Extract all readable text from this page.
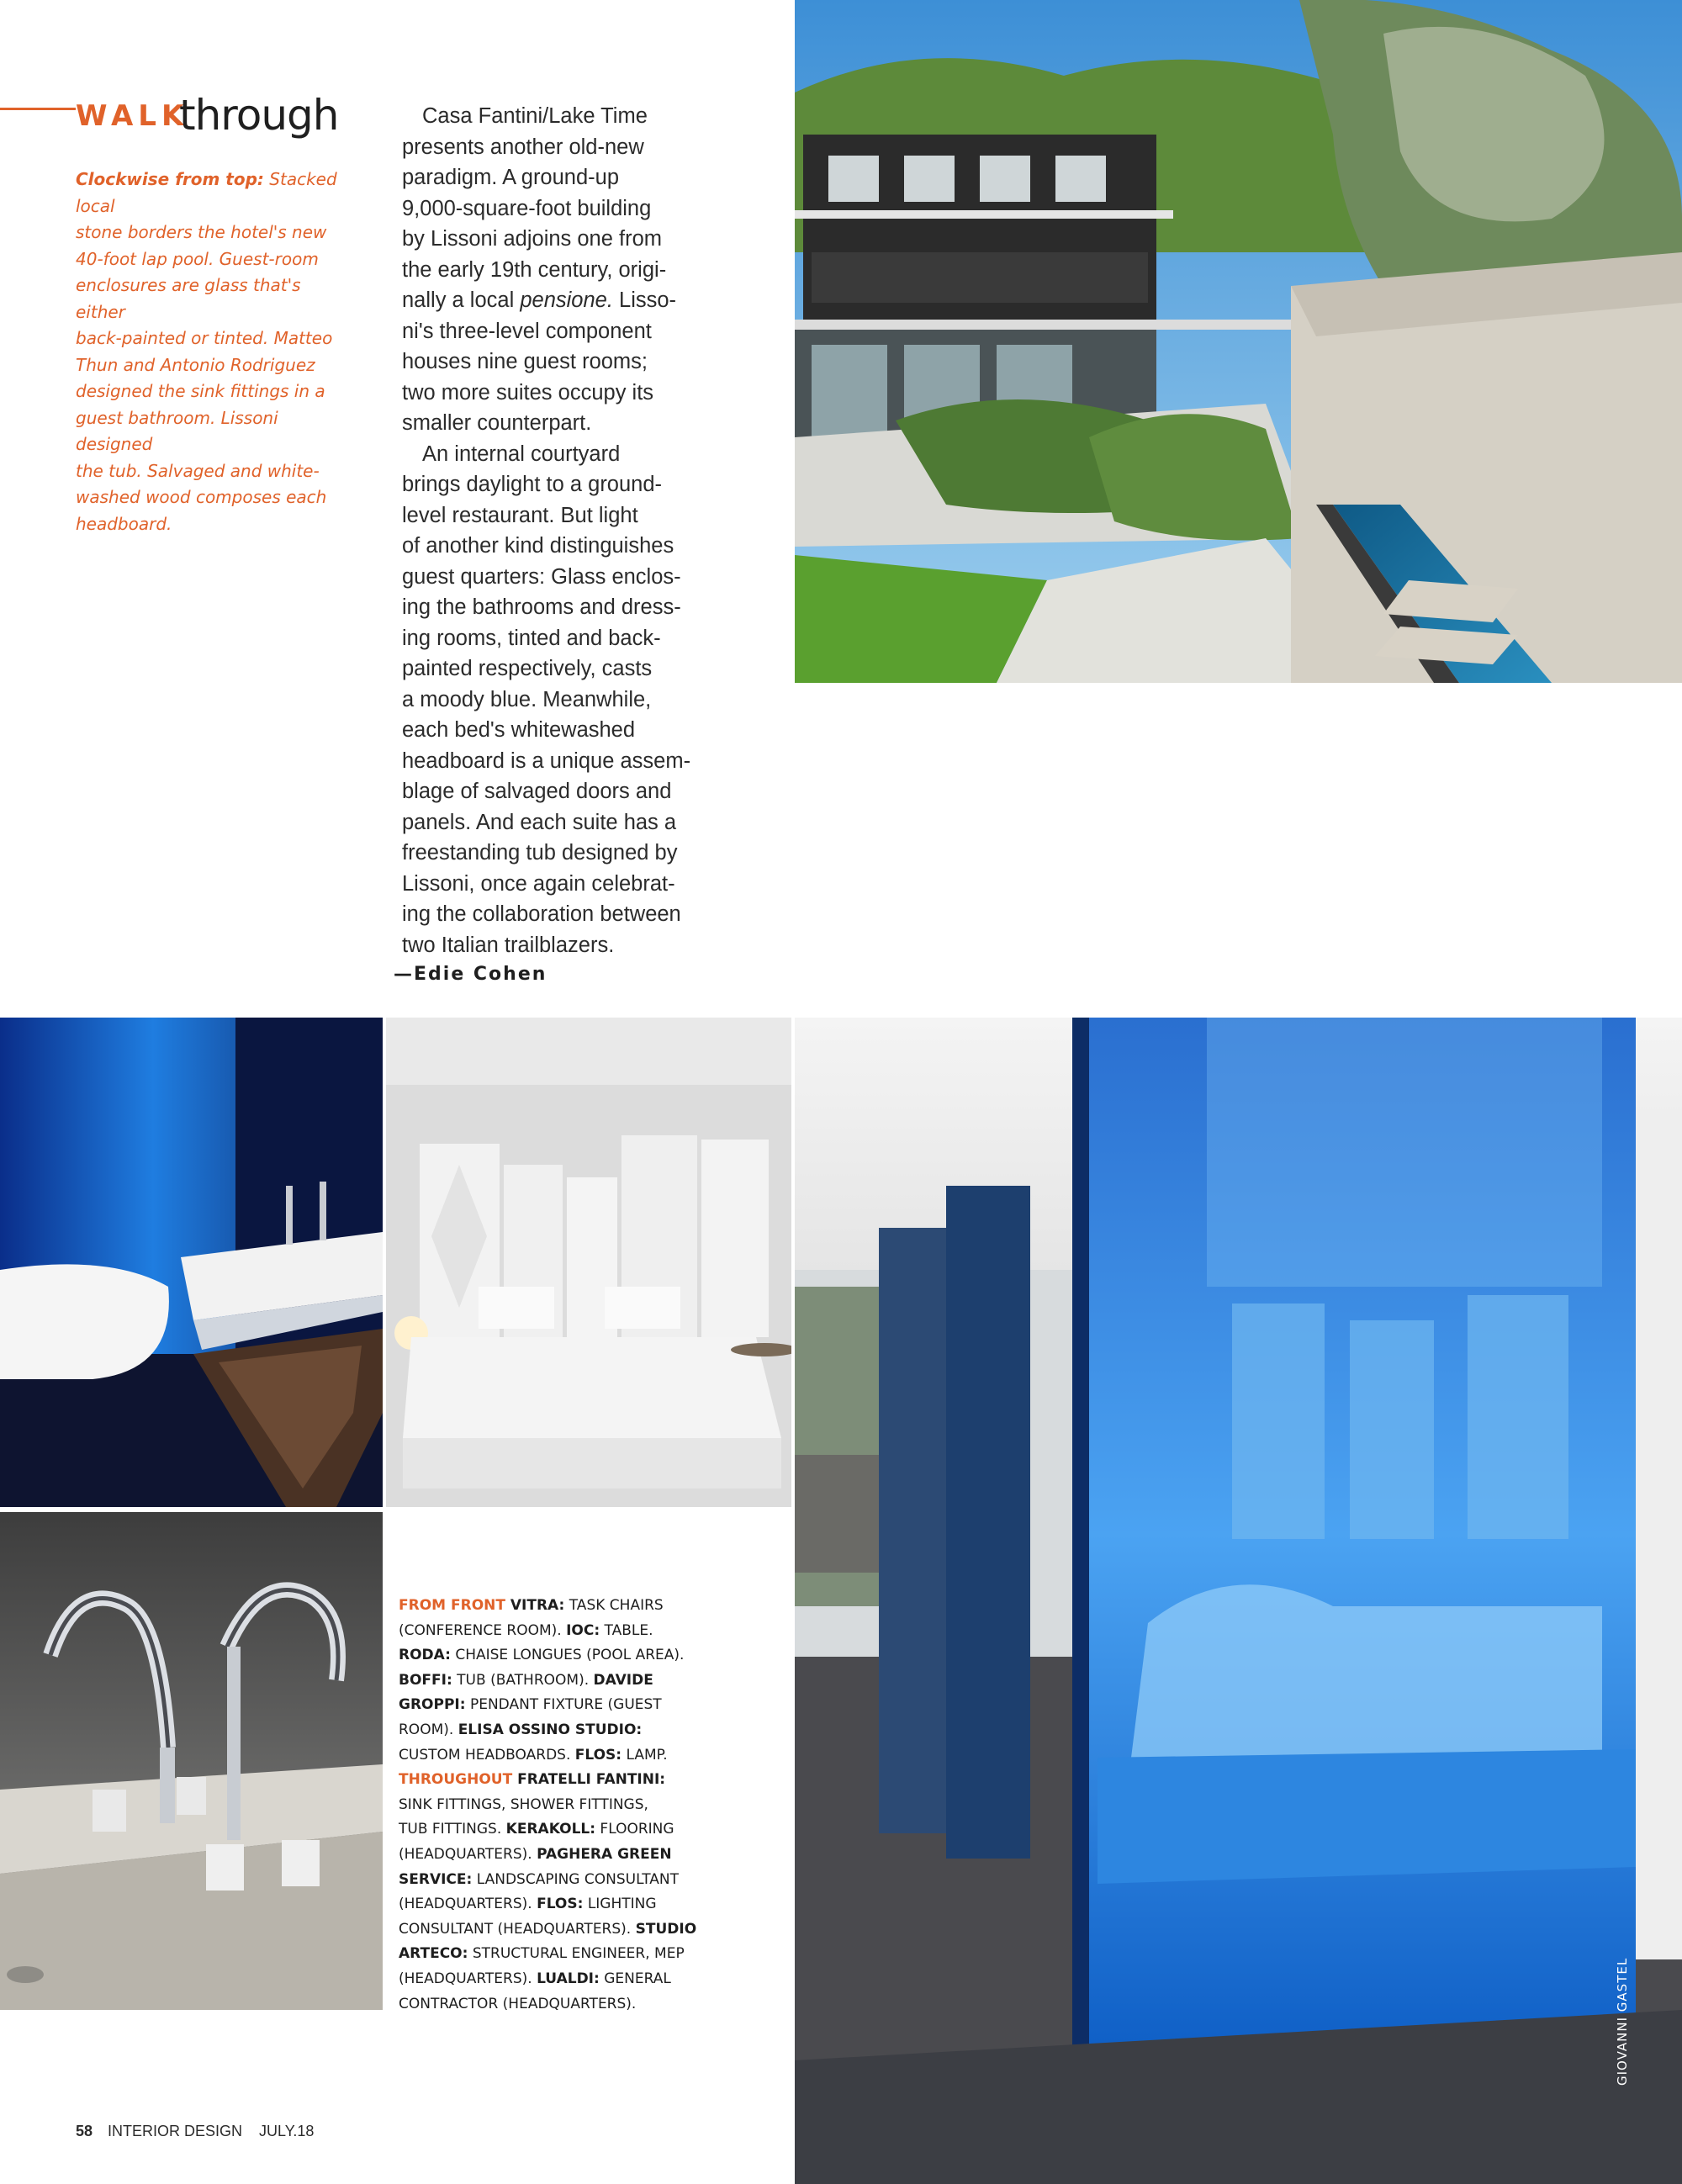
WALK
through
Clockwise from top: Stacked local
stone borders the hotel's new
40-foot lap pool. Guest-room
enclosures are glass that's either
back-painted or tinted. Matteo
Thun and Antonio Rodriguez
designed the sink fittings in a
guest bathroom. Lissoni designed
the tub. Salvaged and white-
washed wood composes each
headboard.
Casa Fantini/Lake Time
presents another old-new
paradigm. A ground-up
9,000-square-foot building
by Lissoni adjoins one from
the early 19th century, origi-
nally a local pensione. Lisso-
ni's three-level component
houses nine guest rooms;
two more suites occupy its
smaller counterpart.
An internal courtyard
brings daylight to a ground-
level restaurant. But light
of another kind distinguishes
guest quarters: Glass enclos-
ing the bathrooms and dress-
ing rooms, tinted and back-
painted respectively, casts
a moody blue. Meanwhile,
each bed's whitewashed
headboard is a unique assem-
blage of salvaged doors and
panels. And each suite has a
freestanding tub designed by
Lissoni, once again celebrat-
ing the collaboration between
two Italian trailblazers.
—Edie Cohen
FROM FRONT VITRA: TASK CHAIRS
(CONFERENCE ROOM). IOC: TABLE.
RODA: CHAISE LONGUES (POOL AREA).
BOFFI: TUB (BATHROOM). DAVIDE
GROPPI: PENDANT FIXTURE (GUEST
ROOM). ELISA OSSINO STUDIO:
CUSTOM HEADBOARDS. FLOS: LAMP.
THROUGHOUT FRATELLI FANTINI:
SINK FITTINGS, SHOWER FITTINGS,
TUB FITTINGS. KERAKOLL: FLOORING
(HEADQUARTERS). PAGHERA GREEN
SERVICE: LANDSCAPING CONSULTANT
(HEADQUARTERS). FLOS: LIGHTING
CONSULTANT (HEADQUARTERS). STUDIO
ARTECO: STRUCTURAL ENGINEER, MEP
(HEADQUARTERS). LUALDI: GENERAL
CONTRACTOR (HEADQUARTERS).	GIOVANNI GASTEL
58 INTERIOR DESIGN JULY.18
